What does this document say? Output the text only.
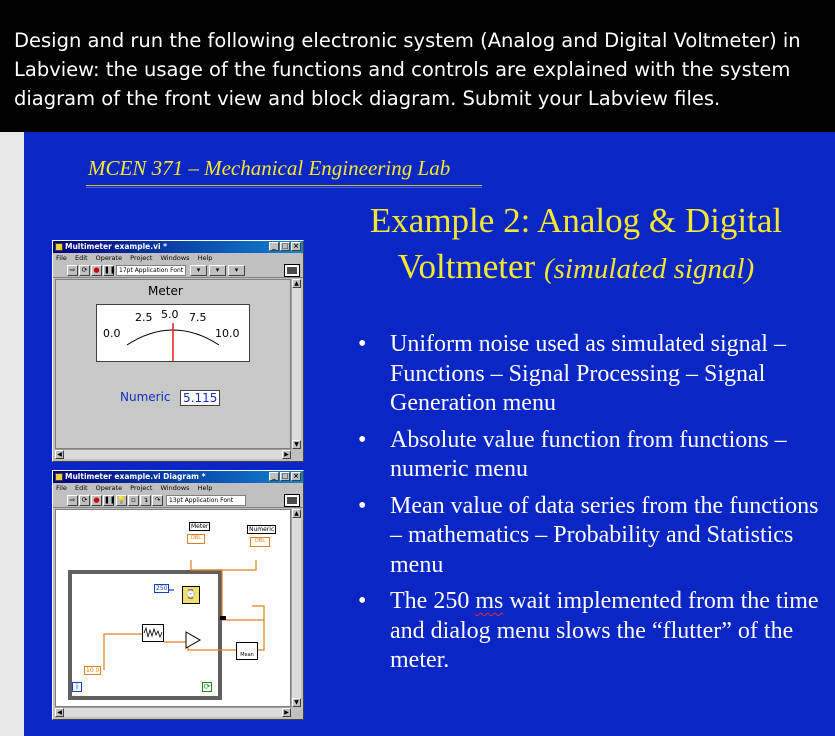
Design and run the following electronic system (Analog and Digital Voltmeter) in Labview: the usage of the functions and controls are explained with the system diagram of the front view and block diagram. Submit your Labview files.
MCEN 371 – Mechanical Engineering Lab
Example 2: Analog & Digital Voltmeter (simulated signal)
• Uniform noise used as simulated signal – Functions – Signal Processing – Signal Generation menu
• Absolute value function from functions – numeric menu
• Mean value of data series from the functions – mathematics – Probability and Statistics menu
• The 250 ms wait implemented from the time and dialog menu slows the “flutter” of the meter.
Multimeter example.vi *	_ □ ×
File Edit Operate Project Windows Help
⇨ ⟳ ● ❚❚ 17pt Application Font	▾	▾	▾
Meter
0.0
2.5 5.0 7.5
10.0
Numeric 5.115
▲
▼
◀	▶
Multimeter example.vi Diagram *	_ □ ×
File Edit Operate Project Windows Help
⇨ ⟳ ● ❚❚ 💡 ▫ ↴ ↷	13pt Application Font
Meter
DBL
Numeric
DBL
250
⌚
Mean
10.0
i	⟳
▲
▼
◀	▶
